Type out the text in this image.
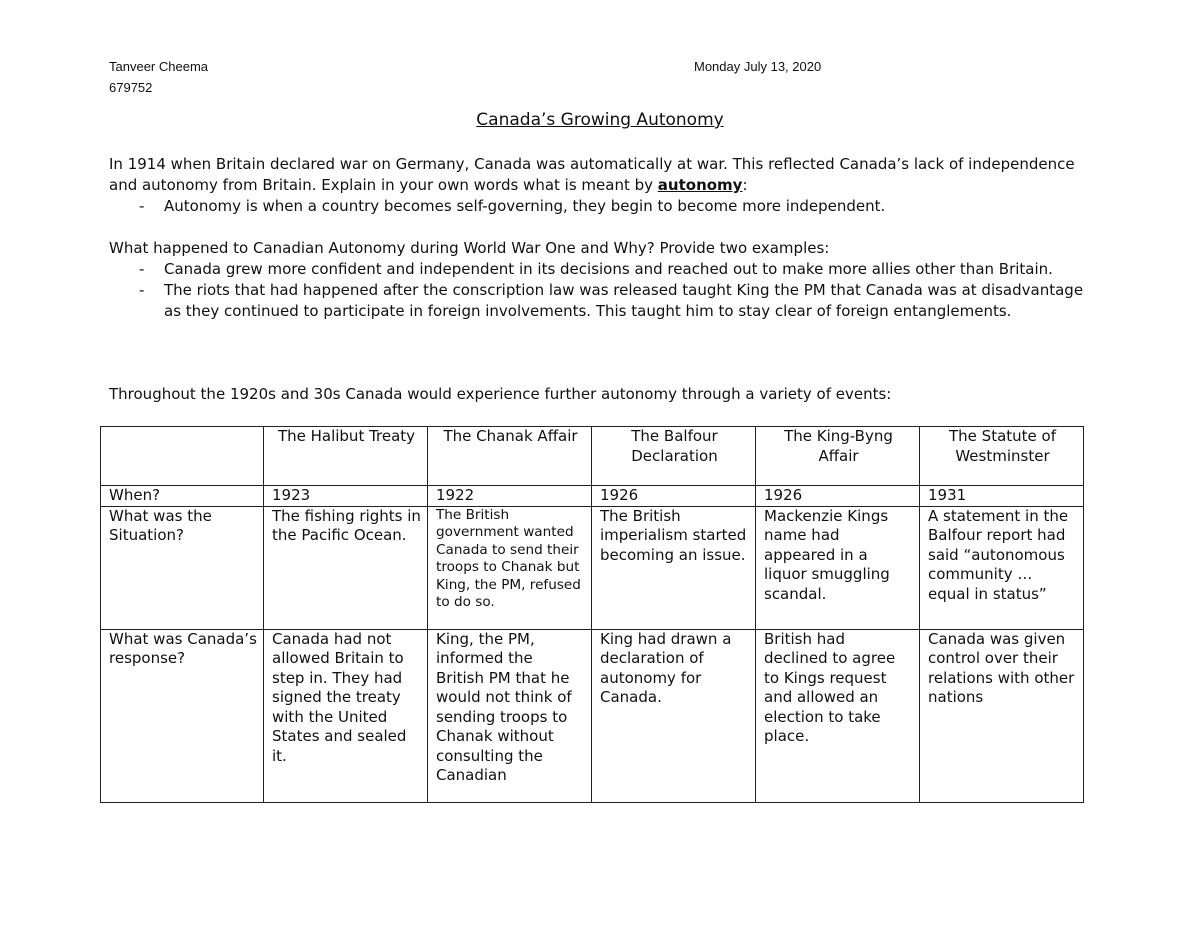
Tanveer Cheema
679752
Monday July 13, 2020
Canada’s Growing Autonomy
In 1914 when Britain declared war on Germany, Canada was automatically at war. This reflected Canada’s lack of independence and autonomy from Britain. Explain in your own words what is meant by autonomy:
- Autonomy is when a country becomes self-governing, they begin to become more independent.
What happened to Canadian Autonomy during World War One and Why? Provide two examples:
- Canada grew more confident and independent in its decisions and reached out to make more allies other than Britain.
- The riots that had happened after the conscription law was released taught King the PM that Canada was at disadvantage as they continued to participate in foreign involvements. This taught him to stay clear of foreign entanglements.
Throughout the 1920s and 30s Canada would experience further autonomy through a variety of events:
	The Halibut Treaty	The Chanak Affair	The Balfour Declaration	The King-Byng Affair	The Statute of Westminster
When?	1923	1922	1926	1926	1931
What was the Situation?	The fishing rights in the Pacific Ocean.	The British government wanted Canada to send their troops to Chanak but King, the PM, refused to do so.	The British imperialism started becoming an issue.	Mackenzie Kings name had appeared in a liquor smuggling scandal.	A statement in the Balfour report had said “autonomous community … equal in status”
What was Canada’s response?	Canada had not allowed Britain to step in. They had signed the treaty with the United States and sealed it.	King, the PM, informed the British PM that he would not think of sending troops to Chanak without consulting the Canadian	King had drawn a declaration of autonomy for Canada.	British had declined to agree to Kings request and allowed an election to take place.	Canada was given control over their relations with other nations
